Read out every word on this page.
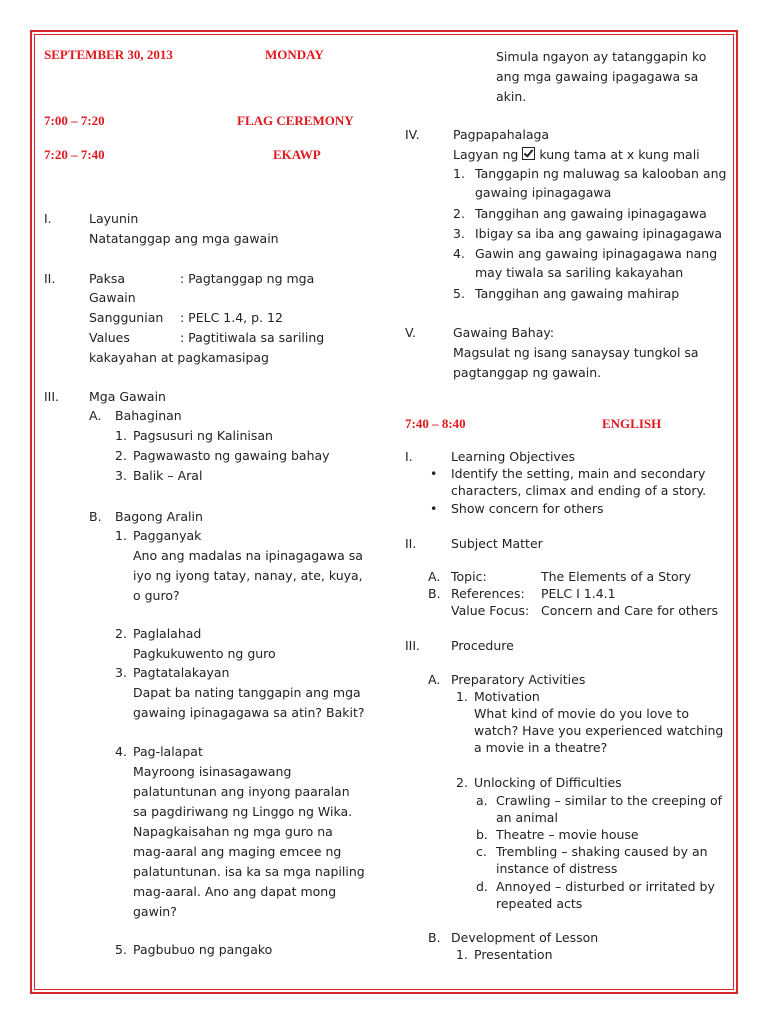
SEPTEMBER 30, 2013	MONDAY
7:00 – 7:20	FLAG CEREMONY
7:20 – 7:40	EKAWP
I.	Layunin
Natatanggap ang mga gawain
II.	Paksa	: Pagtanggap ng mga
Gawain
Sanggunian : PELC 1.4, p. 12
Values	: Pagtitiwala sa sariling
kakayahan at pagkamasipag
III. Mga Gawain
A. Bahaginan
1. Pagsusuri ng Kalinisan
2. Pagwawasto ng gawaing bahay
3. Balik – Aral
B. Bagong Aralin
1. Pagganyak
Ano ang madalas na ipinagagawa sa
iyo ng iyong tatay, nanay, ate, kuya,
o guro?
2. Paglalahad
Pagkukuwento ng guro
3. Pagtatalakayan
Dapat ba nating tanggapin ang mga
gawaing ipinagagawa sa atin? Bakit?
4. Pag-lalapat
Mayroong isinasagawang
palatuntunan ang inyong paaralan
sa pagdiriwang ng Linggo ng Wika.
Napagkaisahan ng mga guro na
mag-aaral ang maging emcee ng
palatuntunan. isa ka sa mga napiling
mag-aaral. Ano ang dapat mong
gawin?
5. Pagbubuo ng pangako
Simula ngayon ay tatanggapin ko
ang mga gawaing ipagagawa sa
akin.
IV.	Pagpapahalaga
Lagyan ng kung tama at x kung mali
1. Tanggapin ng maluwag sa kalooban ang
gawaing ipinagagawa
2. Tanggihan ang gawaing ipinagagawa
3. Ibigay sa iba ang gawaing ipinagagawa
4. Gawin ang gawaing ipinagagawa nang
may tiwala sa sariling kakayahan
5. Tanggihan ang gawaing mahirap
V.	Gawaing Bahay:
Magsulat ng isang sanaysay tungkol sa
pagtanggap ng gawain.
7:40 – 8:40	ENGLISH
I.	Learning Objectives
• Identify the setting, main and secondary
characters, climax and ending of a story.
• Show concern for others
II.	Subject Matter
A. Topic:	The Elements of a Story
B. References: PELC I 1.4.1
Value Focus: Concern and Care for others
III. Procedure
A. Preparatory Activities
1. Motivation
What kind of movie do you love to
watch? Have you experienced watching
a movie in a theatre?
2. Unlocking of Difficulties
a. Crawling – similar to the creeping of
an animal
b. Theatre – movie house
c. Trembling – shaking caused by an
instance of distress
d. Annoyed – disturbed or irritated by
repeated acts
B. Development of Lesson
1. Presentation
